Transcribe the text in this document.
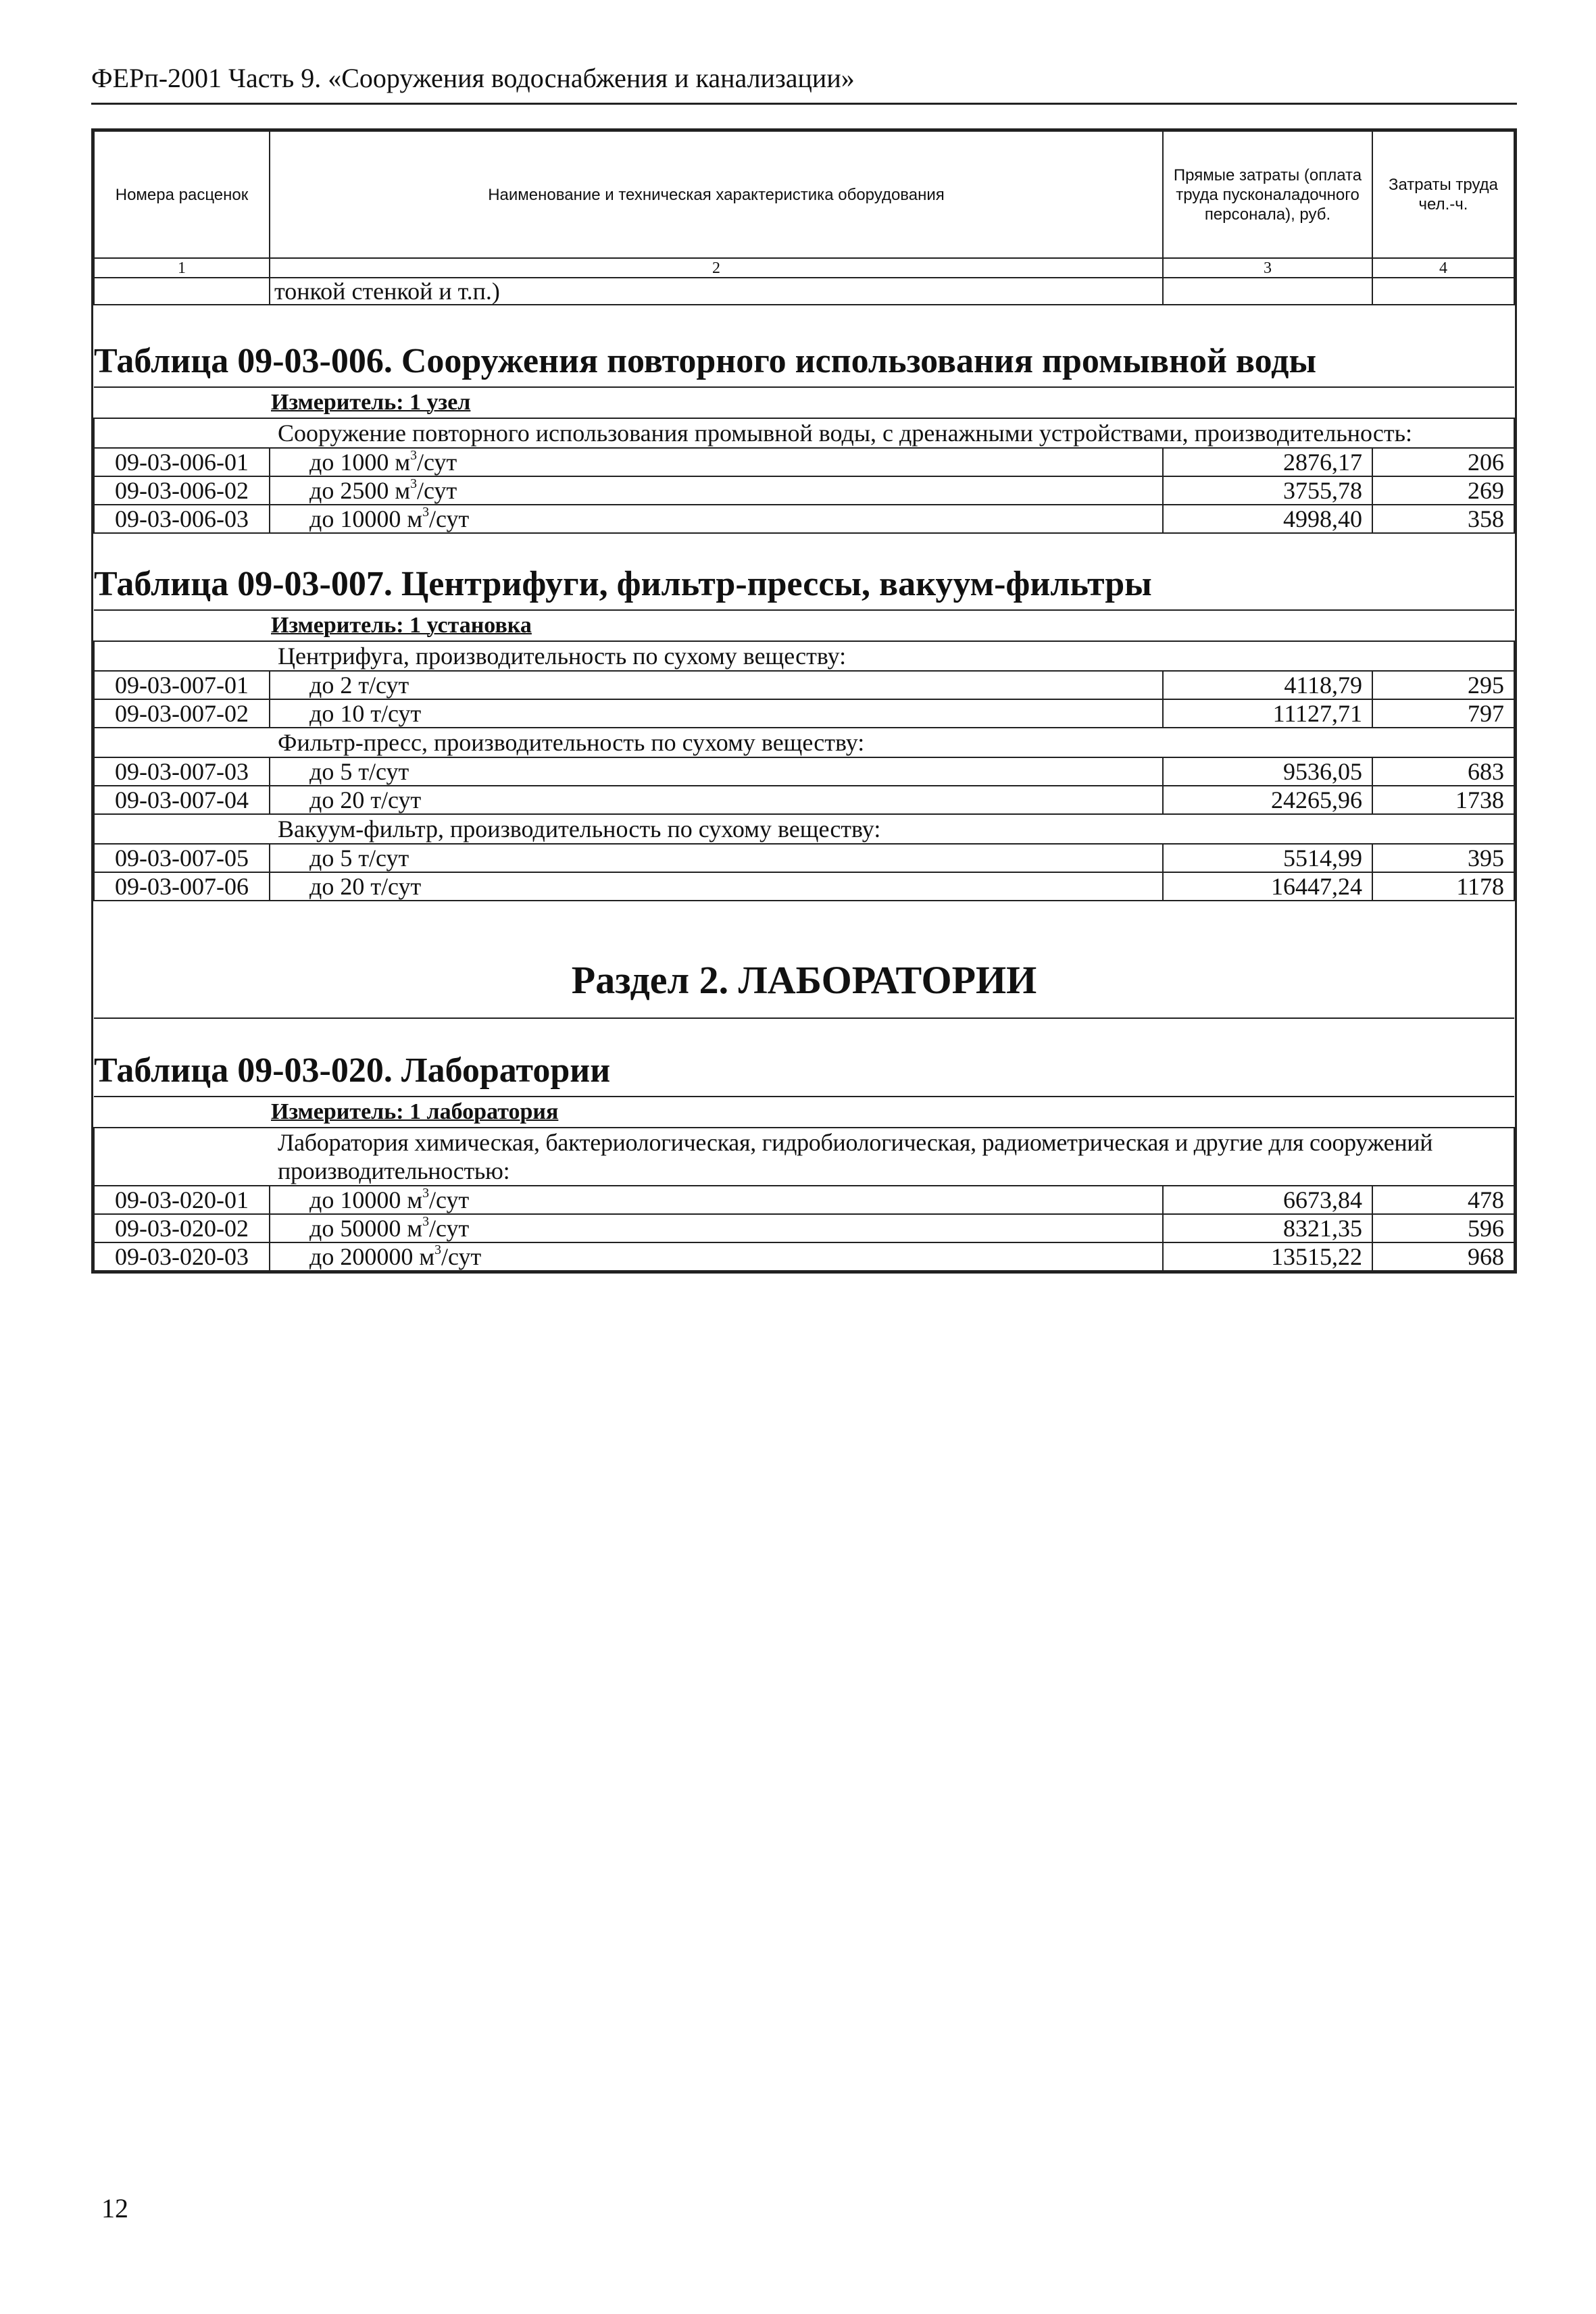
ФЕРп-2001 Часть 9. «Сооружения водоснабжения и канализации»
Номера расценок	Наименование и техническая характеристика оборудования	Прямые затраты (оплата труда пусконаладочного персонала), руб.	Затраты труда чел.-ч.
1	2	3	4
	тонкой стенкой и т.п.)		
Таблица 09-03-006. Сооружения повторного использования промывной воды			
Измеритель: 1 узел			
	Сооружение повторного использования промывной воды, с дренажными устройствами, производительность:		
09-03-006-01	до 1000 $м^3$/сут	2876,17	206
09-03-006-02	до 2500 $м^3$/сут	3755,78	269
09-03-006-03	до 10000 $м^3$/сут	4998,40	358
Таблица 09-03-007. Центрифуги, фильтр-прессы, вакуум-фильтры			
Измеритель: 1 установка			
	Центрифуга, производительность по сухому веществу:		
09-03-007-01	до 2 т/сут	4118,79	295
09-03-007-02	до 10 т/сут	11127,71	797
	Фильтр-пресс, производительность по сухому веществу:		
09-03-007-03	до 5 т/сут	9536,05	683
09-03-007-04	до 20 т/сут	24265,96	1738
	Вакуум-фильтр, производительность по сухому веществу:		
09-03-007-05	до 5 т/сут	5514,99	395
09-03-007-06	до 20 т/сут	16447,24	1178
Раздел 2. ЛАБОРАТОРИИ			
Таблица 09-03-020. Лаборатории			
Измеритель: 1 лаборатория			
	Лаборатория химическая, бактериологическая, гидробиологическая, радиометрическая и другие для сооружений
производительностью:		
09-03-020-01	до 10000 $м^3$/сут	6673,84	478
09-03-020-02	до 50000 $м^3$/сут	8321,35	596
09-03-020-03	до 200000 $м^3$/сут	13515,22	968
12
